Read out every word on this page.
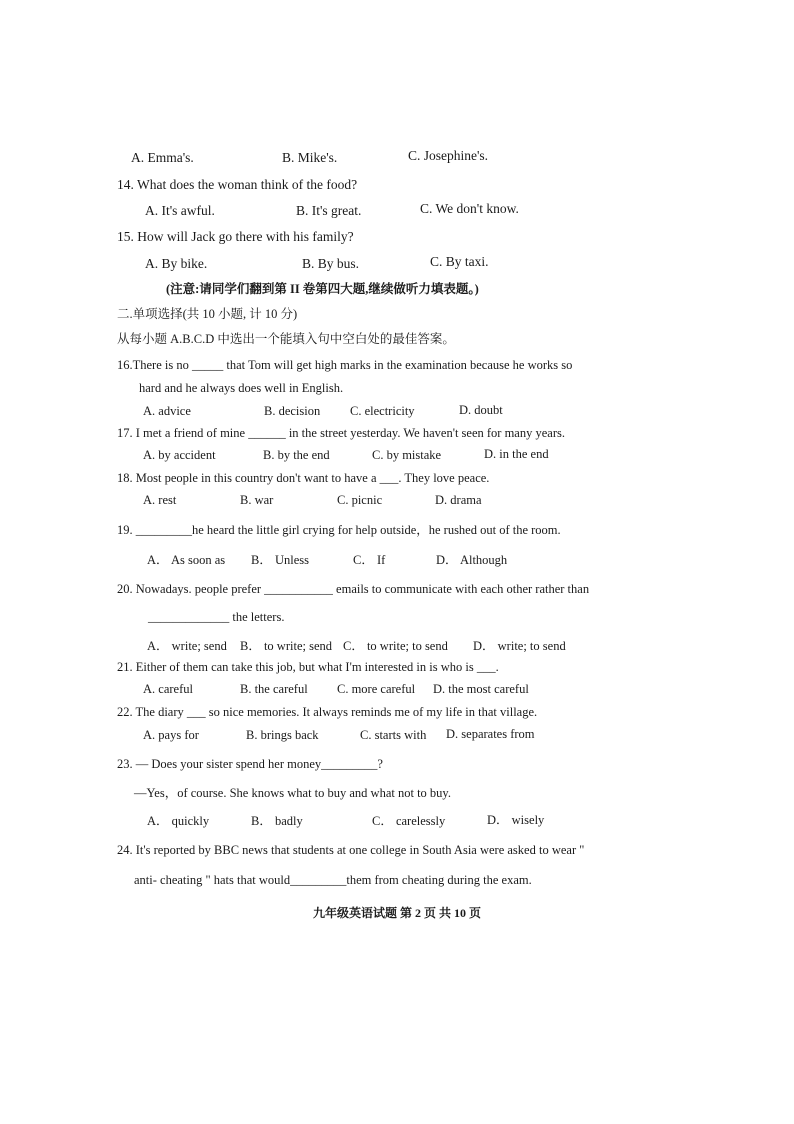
A. Emma's.	B. Mike's.	C. Josephine's.
14. What does the woman think of the food?
A. It's awful.	B. It's great.	C. We don't know.
15. How will Jack go there with his family?
A. By bike.	B. By bus.	C. By taxi.
(注意:请同学们翻到第 II 卷第四大题,继续做听力填表题。)
二.单项选择(共 10 小题, 计 10 分)
从每小题 A.B.C.D 中选出一个能填入句中空白处的最佳答案。
16.There is no _____ that Tom will get high marks in the examination because he works so
hard and he always does well in English.
A. advice	B. decision C. electricity	D. doubt
17. I met a friend of mine ______ in the street yesterday. We haven't seen for many years.
A. by accident	B. by the end	C. by mistake	D. in the end
18. Most people in this country don't want to have a ___. They love peace.
A. rest	B. war	C. picnic	D. drama
19. _________he heard the little girl crying for help outside，he rushed out of the room.
A． As soon as B． Unless	C． If	D． Although
20. Nowadays. people prefer ___________ emails to communicate with each other rather than
_____________ the letters.
A． write; send B． to write; send C． to write; to send D． write; to send
21. Either of them can take this job, but what I'm interested in is who is ___.
A. careful	B. the careful C. more careful D. the most careful
22. The diary ___ so nice memories. It always reminds me of my life in that village.
A. pays for	B. brings back	C. starts with D. separates from
23. — Does your sister spend her money_________?
—Yes，of course. She knows what to buy and what not to buy.
A． quickly	B． badly	C． carelessly	D． wisely
24. It's reported by BBC news that students at one college in South Asia were asked to wear "
anti- cheating " hats that would_________them from cheating during the exam.
九年级英语试题 第 2 页 共 10 页
